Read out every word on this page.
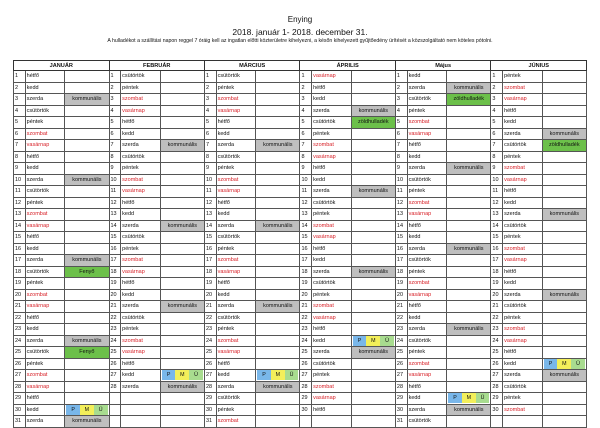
Enying
2018. január 1- 2018. december 31.
A hulladékot a szállítási napon reggel 7 óráig kell az ingatlan előtti közterületre kihelyezni, a későn kihelyezett gyűjtőedény ürítését a közszolgáltató nem köteles pótolni.
JANUÁR			FEBRUÁR			MÁRCIUS			ÁPRILIS			Május			JÚNIUS		
1	hétfő		1	csütörtök		1	csütörtök		1	vasárnap		1	kedd		1	péntek	
2	kedd		2	péntek		2	péntek		2	hétfő		2	szerda	kommunális	2	szombat	
3	szerda	kommunális	3	szombat		3	szombat		3	kedd		3	csütörtök	zöldhulladék	3	vasárnap	
4	csütörtök		4	vasárnap		4	vasárnap		4	szerda	kommunális	4	péntek		4	hétfő	
5	péntek		5	hétfő		5	hétfő		5	csütörtök	zöldhulladék	5	szombat		5	kedd	
6	szombat		6	kedd		6	kedd		6	péntek		6	vasárnap		6	szerda	kommunális
7	vasárnap		7	szerda	kommunális	7	szerda	kommunális	7	szombat		7	hétfő		7	csütörtök	zöldhulladék
8	hétfő		8	csütörtök		8	csütörtök		8	vasárnap		8	kedd		8	péntek	
9	kedd		9	péntek		9	péntek		9	hétfő		9	szerda	kommunális	9	szombat	
10	szerda	kommunális	10	szombat		10	szombat		10	kedd		10	csütörtök		10	vasárnap	
11	csütörtök		11	vasárnap		11	vasárnap		11	szerda	kommunális	11	péntek		11	hétfő	
12	péntek		12	hétfő		12	hétfő		12	csütörtök		12	szombat		12	kedd	
13	szombat		13	kedd		13	kedd		13	péntek		13	vasárnap		13	szerda	kommunális
14	vasárnap		14	szerda	kommunális	14	szerda	kommunális	14	szombat		14	hétfő		14	csütörtök	
15	hétfő		15	csütörtök		15	csütörtök		15	vasárnap		15	kedd		15	péntek	
16	kedd		16	péntek		16	péntek		16	hétfő		16	szerda	kommunális	16	szombat	
17	szerda	kommunális	17	szombat		17	szombat		17	kedd		17	csütörtök		17	vasárnap	
18	csütörtök	Fenyő	18	vasárnap		18	vasárnap		18	szerda	kommunális	18	péntek		18	hétfő	
19	péntek		19	hétfő		19	hétfő		19	csütörtök		19	szombat		19	kedd	
20	szombat		20	kedd		20	kedd		20	péntek		20	vasárnap		20	szerda	kommunális
21	vasárnap		21	szerda	kommunális	21	szerda	kommunális	21	szombat		21	hétfő		21	csütörtök	
22	hétfő		22	csütörtök		22	csütörtök		22	vasárnap		22	kedd		22	péntek	
23	kedd		23	péntek		23	péntek		23	hétfő		23	szerda	kommunális	23	szombat	
24	szerda	kommunális	24	szombat		24	szombat		24	kedd	P M Ü	24	csütörtök		24	vasárnap	
25	csütörtök	Fenyő	25	vasárnap		25	vasárnap		25	szerda	kommunális	25	péntek		25	hétfő	
26	péntek		26	hétfő		26	hétfő		26	csütörtök		26	szombat		26	kedd	P M Ü

27	szombat		27	kedd	P M Ü	27	kedd	P M Ü	27	péntek		27	vasárnap		27	szerda	kommunális
28	vasárnap		28	szerda	kommunális	28	szerda	kommunális	28	szombat		28	hétfő		28	csütörtök	
29	hétfő					29	csütörtök		29	vasárnap		29	kedd	P M Ü	29	péntek	
30	kedd	P M Ü				30	péntek		30	hétfő		30	szerda	kommunális	30	szombat	
31	szerda	kommunális				31	szombat					31	csütörtök				
